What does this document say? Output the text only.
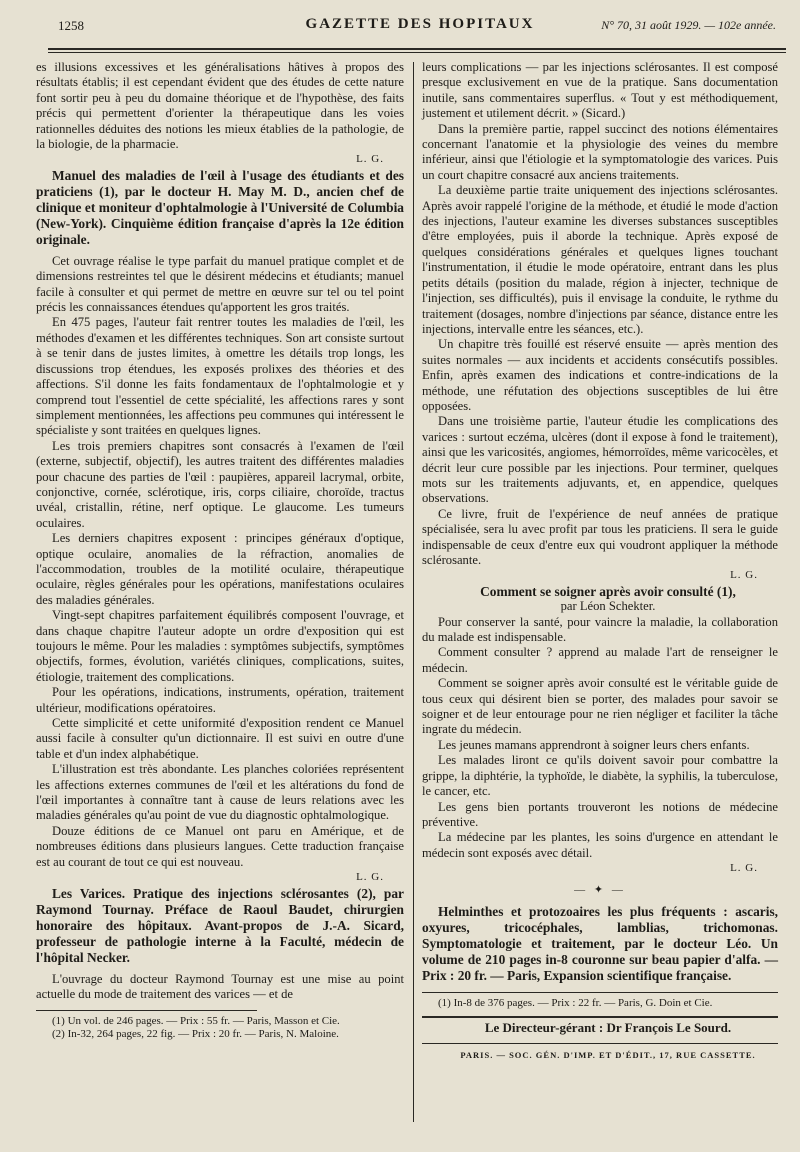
1258	GAZETTE DES HOPITAUX	N° 70, 31 août 1929. — 102e année.

es illusions excessives et les généralisations hâtives à propos des résultats établis; il est cependant évident que des études de cette nature font sortir peu à peu du domaine théorique et de l'hypothèse, des faits précis qui permettent d'orienter la thérapeutique dans les voies rationnelles déduites des notions les mieux établies de la pathologie, de la biologie, de la pharmacie.

L. G.

Manuel des maladies de l'œil à l'usage des étudiants et des praticiens (1), par le docteur H. May M. D., ancien chef de clinique et moniteur d'ophtalmologie à l'Université de Columbia (New-York). Cinquième édition française d'après la 12e édition originale.

Cet ouvrage réalise le type parfait du manuel pratique complet et de dimensions restreintes tel que le désirent médecins et étudiants; manuel facile à consulter et qui permet de mettre en œuvre sur tel ou tel point précis les connaissances étendues qu'apportent les gros traités.

En 475 pages, l'auteur fait rentrer toutes les maladies de l'œil, les méthodes d'examen et les différentes techniques. Son art consiste surtout à se tenir dans de justes limites, à omettre les détails trop longs, les discussions trop étendues, les exposés prolixes des théories et des affections. S'il donne les faits fondamentaux de l'ophtalmologie et y comprend tout l'essentiel de cette spécialité, les affections rares y sont simplement mentionnées, les affections peu communes qui intéressent le spécialiste y sont traitées en quelques lignes.

Les trois premiers chapitres sont consacrés à l'examen de l'œil (externe, subjectif, objectif), les autres traitent des différentes maladies pour chacune des parties de l'œil : paupières, appareil lacrymal, orbite, conjonctive, cornée, sclérotique, iris, corps ciliaire, choroïde, tractus uvéal, cristallin, rétine, nerf optique. Le glaucome. Les tumeurs oculaires.

Les derniers chapitres exposent : principes généraux d'optique, optique oculaire, anomalies de la réfraction, anomalies de l'accommodation, troubles de la motilité oculaire, thérapeutique oculaire, règles générales pour les opérations, manifestations oculaires des maladies générales.

Vingt-sept chapitres parfaitement équilibrés composent l'ouvrage, et dans chaque chapitre l'auteur adopte un ordre d'exposition qui est toujours le même. Pour les maladies : symptômes subjectifs, symptômes objectifs, formes, évolution, variétés cliniques, complications, suites, étiologie, traitement des complications.

Pour les opérations, indications, instruments, opération, traitement ultérieur, modifications opératoires.

Cette simplicité et cette uniformité d'exposition rendent ce Manuel aussi facile à consulter qu'un dictionnaire. Il est suivi en outre d'une table et d'un index alphabétique.

L'illustration est très abondante. Les planches coloriées représentent les affections externes communes de l'œil et les altérations du fond de l'œil importantes à connaître tant à cause de leurs relations avec les maladies générales qu'au point de vue du diagnostic ophtalmologique.

Douze éditions de ce Manuel ont paru en Amérique, et de nombreuses éditions dans plusieurs langues. Cette traduction française est au courant de tout ce qui est nouveau.

L. G.

Les Varices. Pratique des injections sclérosantes (2), par Raymond Tournay. Préface de Raoul Baudet, chirurgien honoraire des hôpitaux. Avant-propos de J.-A. Sicard, professeur de pathologie interne à la Faculté, médecin de l'hôpital Necker.

L'ouvrage du docteur Raymond Tournay est une mise au point actuelle du mode de traitement des varices — et de

(1) Un vol. de 246 pages. — Prix : 55 fr. — Paris, Masson et Cie.

(2) In-32, 264 pages, 22 fig. — Prix : 20 fr. — Paris, N. Maloine.

leurs complications — par les injections sclérosantes. Il est composé presque exclusivement en vue de la pratique. Sans documentation inutile, sans commentaires superflus. « Tout y est méthodiquement, justement et utilement décrit. » (Sicard.)

Dans la première partie, rappel succinct des notions élémentaires concernant l'anatomie et la physiologie des veines du membre inférieur, ainsi que l'étiologie et la symptomatologie des varices. Puis un court chapitre consacré aux anciens traitements.

La deuxième partie traite uniquement des injections sclérosantes. Après avoir rappelé l'origine de la méthode, et étudié le mode d'action des injections, l'auteur examine les diverses substances susceptibles d'être employées, puis il aborde la technique. Après exposé de quelques considérations générales et quelques lignes touchant l'instrumentation, il étudie le mode opératoire, entrant dans les plus petits détails (position du malade, région à injecter, technique de l'injection, ses difficultés), puis il envisage la conduite, le rythme du traitement (dosages, nombre d'injections par séance, distance entre les injections, intervalle entre les séances, etc.).

Un chapitre très fouillé est réservé ensuite — après mention des suites normales — aux incidents et accidents consécutifs possibles. Enfin, après examen des indications et contre-indications de la méthode, une réfutation des objections susceptibles de lui être opposées.

Dans une troisième partie, l'auteur étudie les complications des varices : surtout eczéma, ulcères (dont il expose à fond le traitement), ainsi que les varicosités, angiomes, hémorroïdes, même varicocèles, et décrit leur cure possible par les injections. Pour terminer, quelques mots sur les traitements adjuvants, et, en appendice, quelques observations.

Ce livre, fruit de l'expérience de neuf années de pratique spécialisée, sera lu avec profit par tous les praticiens. Il sera le guide indispensable de ceux d'entre eux qui voudront appliquer la méthode sclérosante.

L. G.

Comment se soigner après avoir consulté (1),

par Léon Schekter.

Pour conserver la santé, pour vaincre la maladie, la collaboration du malade est indispensable.

Comment consulter ? apprend au malade l'art de renseigner le médecin.

Comment se soigner après avoir consulté est le véritable guide de tous ceux qui désirent bien se porter, des malades pour savoir se soigner et de leur entourage pour ne rien négliger et faciliter la tâche ingrate du médecin.

Les jeunes mamans apprendront à soigner leurs chers enfants.

Les malades liront ce qu'ils doivent savoir pour combattre la grippe, la diphtérie, la typhoïde, le diabète, la syphilis, la tuberculose, le cancer, etc.

Les gens bien portants trouveront les notions de médecine préventive.

La médecine par les plantes, les soins d'urgence en attendant le médecin sont exposés avec détail.

L. G.
— ✦ —

Helminthes et protozoaires les plus fréquents : ascaris, oxyures, tricocéphales, lamblias, trichomonas. Symptomatologie et traitement, par le docteur Léo. Un volume de 210 pages in-8 couronne sur beau papier d'alfa. — Prix : 20 fr. — Paris, Expansion scientifique française.

(1) In-8 de 376 pages. — Prix : 22 fr. — Paris, G. Doin et Cie.

Le Directeur-gérant : Dr François Le Sourd.

PARIS. — SOC. GÉN. D'IMP. ET D'ÉDIT., 17, RUE CASSETTE.
